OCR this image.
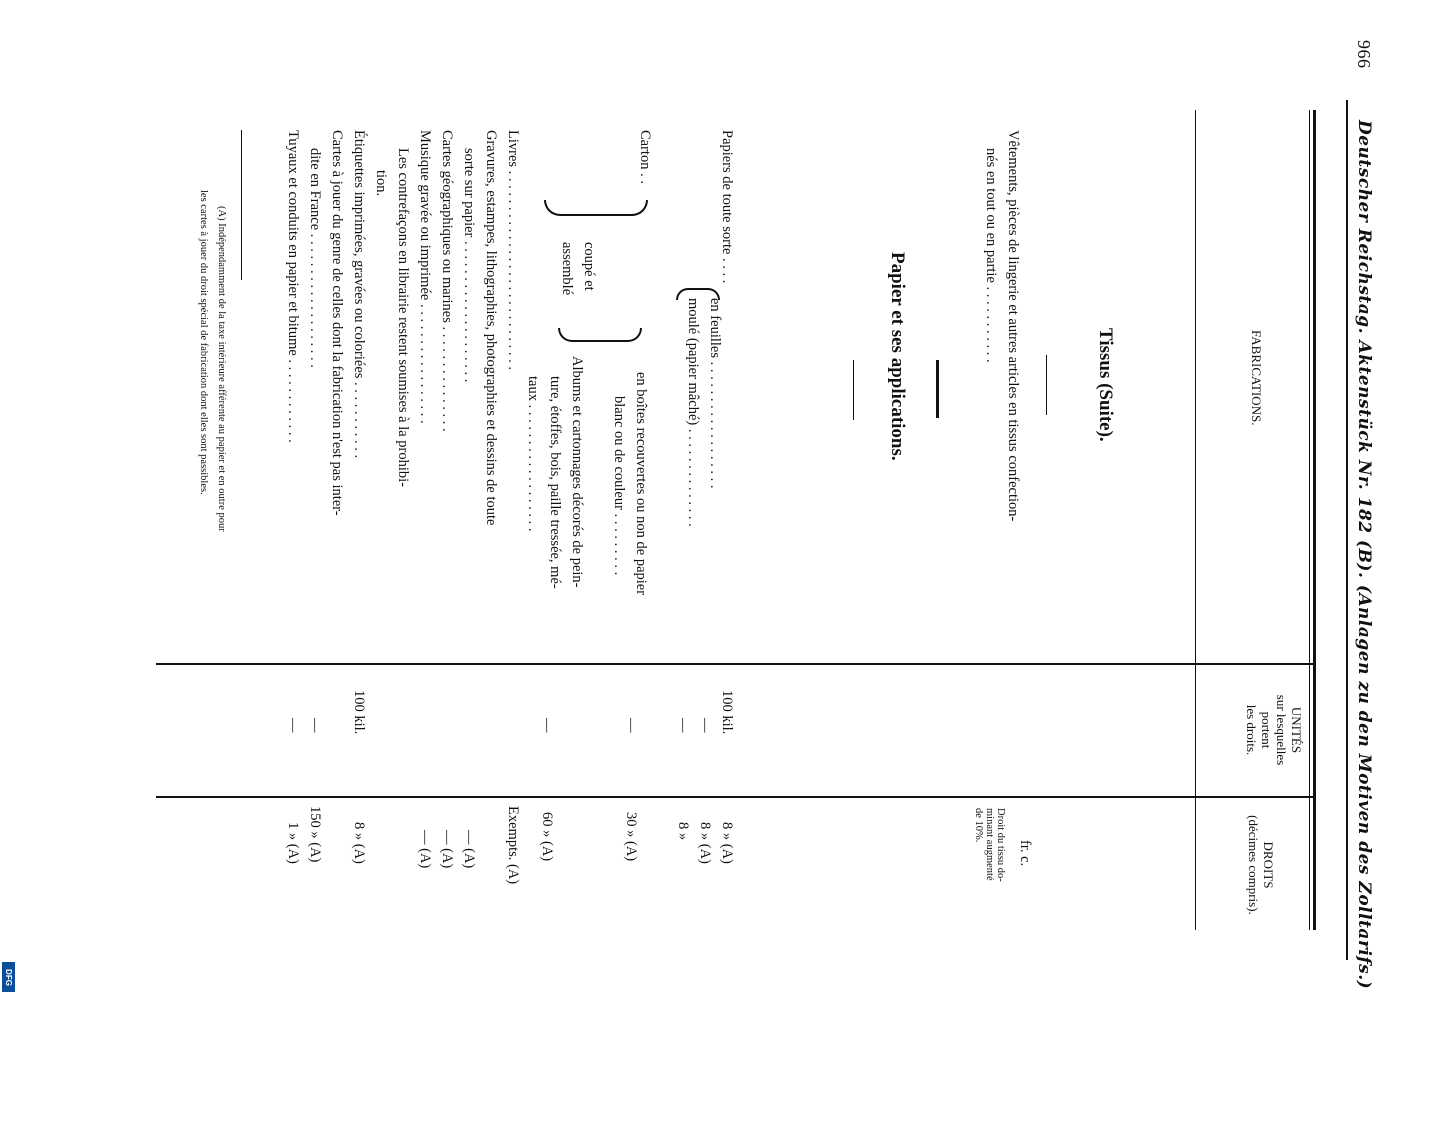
966
Deutscher Reichstag. Aktenstück Nr. 182 (B). (Anlagen zu den Motiven des Zolltarifs.)
FABRICATIONS.
UNITÉS
sur lesquelles
portent
les droits.
DROITS
(décimes compris).
Tissus (Suite).
fr. c.
Vêtements, pièces de lingerie et autres articles en tissus confection-
nés en tout ou en partie . . . . . . . . . . .
Droit du tissu do-
minant augmenté
de 10%.
Papier et ses applications.
Papiers de toute sorte . . . .
en feuilles . . . . . . . . . . . . . . . . . .
moulé (papier mâché) . . . . . . . . . . . . . .
100 kil.
8 » (A)
—
8 » (A)
—
8 »
Carton . .
en boîtes recouvertes ou non de papier
blanc ou de couleur . . . . . . . . .
—
30 » (A)
coupé et
assemblé
Albums et cartonnages décorés de pein-
ture, étoffes, bois, paille tressée, mé-
taux . . . . . . . . . . . . . . . . . .
—
60 » (A)
Livres . . . . . . . . . . . . . . . . . . . . . . . . . . . .
Exempts. (A)
Gravures, estampes, lithographies, photographies et dessins de toute
sorte sur papier . . . . . . . . . . . . . . . . . . . .
— (A)
Cartes géographiques ou marines . . . . . . . . . . . . . . .
— (A)
Musique gravée ou imprimée . . . . . . . . . . . . . . . . .
— (A)
Les contrefaçons en librairie restent soumises à la prohibi-
tion.
Étiquettes imprimées, gravées ou coloriées . . . . . . . . . . .
100 kil.
8 » (A)
Cartes à jouer du genre de celles dont la fabrication n'est pas inter-
dite en France . . . . . . . . . . . . . . . . . . .
—
150 » (A)
Tuyaux et conduits en papier et bitume . . . . . . . . . . . .
—
1 » (A)
(A) Indépendamment de la taxe intérieure afférente au papier et en outre pour
les cartes à jouer du droit spécial de fabrication dont elles sont passibles.
DFG
